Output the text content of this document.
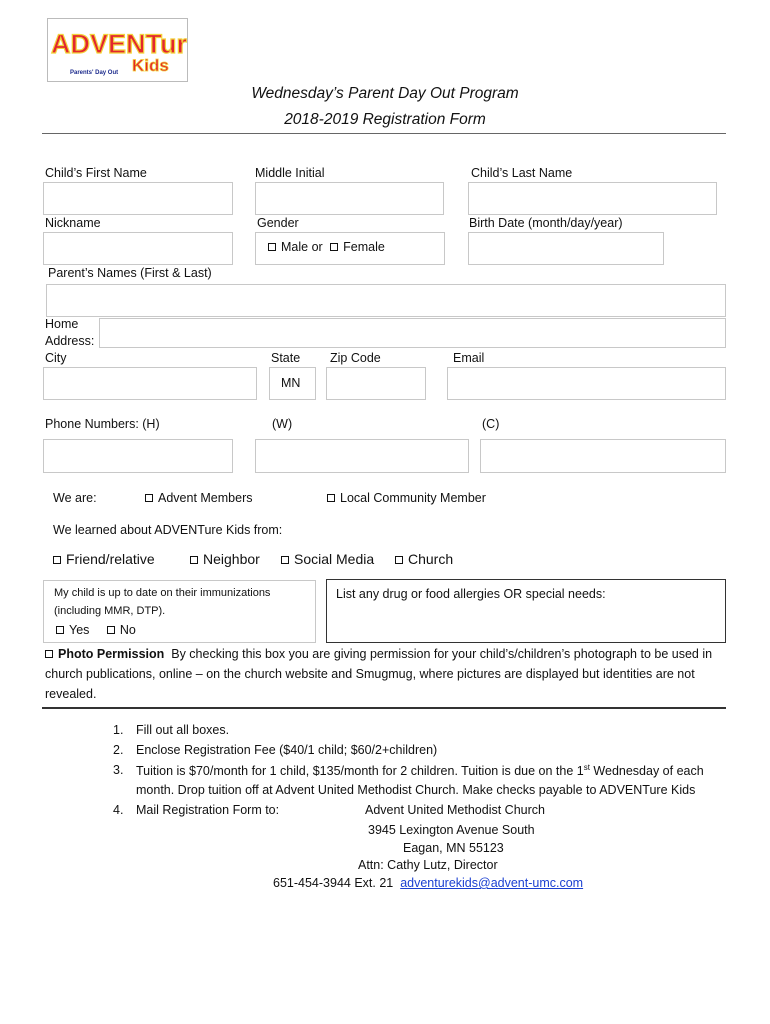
ADVENTure
Kids
Parents' Day Out
Wednesday’s Parent Day Out Program
2018-2019 Registration Form
Child’s First Name	Middle Initial	Child’s Last Name
Nickname	Gender	Birth Date (month/day/year)
Male or Female
Parent’s Names (First & Last)
Home
Address:
City	State Zip Code	Email
MN
Phone Numbers: (H)	(W)	(C)
We are:	Advent Members	Local Community Member
We learned about ADVENTure Kids from:
Friend/relative	Neighbor	Social Media	Church
My child is up to date on their immunizations
(including MMR, DTP).
Yes No
List any drug or food allergies OR special needs:
Photo Permission By checking this box you are giving permission for your child’s/children’s photograph to be used in
church publications, online – on the church website and Smugmug, where pictures are displayed but identities are not
revealed.
1. Fill out all boxes.
2. Enclose Registration Fee ($40/1 child; $60/2+children)
3. Tuition is $70/month for 1 child, $135/month for 2 children. Tuition is due on the 1st Wednesday of each
month. Drop tuition off at Advent United Methodist Church. Make checks payable to ADVENTure Kids
4. Mail Registration Form to:	Advent United Methodist Church
3945 Lexington Avenue South
Eagan, MN 55123
Attn: Cathy Lutz, Director
651-454-3944 Ext. 21 adventurekids@advent-umc.com
